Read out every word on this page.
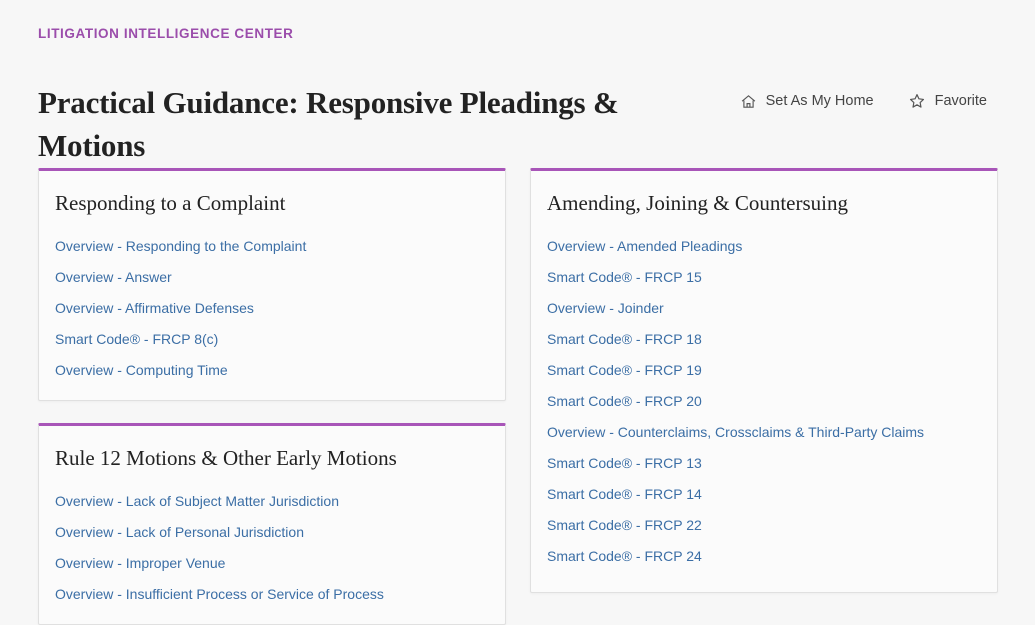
LITIGATION INTELLIGENCE CENTER
Practical Guidance: Responsive Pleadings & Motions
Set As My Home	Favorite
Responding to a Complaint
Overview - Responding to the Complaint
Overview - Answer
Overview - Affirmative Defenses
Smart Code® - FRCP 8(c)
Overview - Computing Time
Rule 12 Motions & Other Early Motions
Overview - Lack of Subject Matter Jurisdiction
Overview - Lack of Personal Jurisdiction
Overview - Improper Venue
Overview - Insufficient Process or Service of Process
Amending, Joining & Countersuing
Overview - Amended Pleadings
Smart Code® - FRCP 15
Overview - Joinder
Smart Code® - FRCP 18
Smart Code® - FRCP 19
Smart Code® - FRCP 20
Overview - Counterclaims, Crossclaims & Third-Party Claims
Smart Code® - FRCP 13
Smart Code® - FRCP 14
Smart Code® - FRCP 22
Smart Code® - FRCP 24
